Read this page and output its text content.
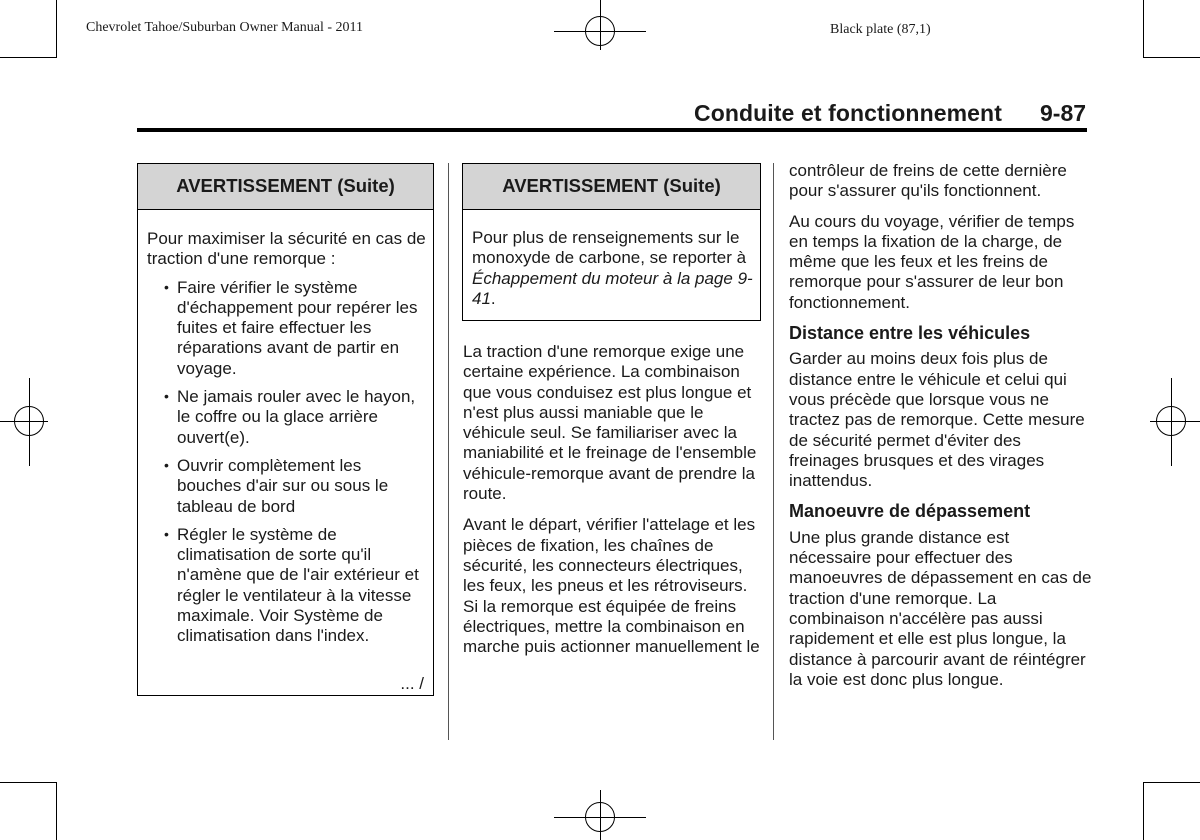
Chevrolet Tahoe/Suburban Owner Manual - 2011	Black plate (87,1)
Conduite et fonctionnement 9-87
AVERTISSEMENT (Suite)

Pour maximiser la sécurité en cas de traction d'une remorque :

• Faire vérifier le système d'échappement pour repérer les fuites et faire effectuer les réparations avant de partir en voyage.
• Ne jamais rouler avec le hayon, le coffre ou la glace arrière ouvert(e).
• Ouvrir complètement les bouches d'air sur ou sous le tableau de bord
• Régler le système de climatisation de sorte qu'il n'amène que de l'air extérieur et régler le ventilateur à la vitesse maximale. Voir Système de climatisation dans l'index.
... /
AVERTISSEMENT (Suite)

Pour plus de renseignements sur le monoxyde de carbone, se reporter à Échappement du moteur à la page 9-41.

La traction d'une remorque exige une certaine expérience. La combinaison que vous conduisez est plus longue et n'est plus aussi maniable que le véhicule seul. Se familiariser avec la maniabilité et le freinage de l'ensemble véhicule-remorque avant de prendre la route.

Avant le départ, vérifier l'attelage et les pièces de fixation, les chaînes de sécurité, les connecteurs électriques, les feux, les pneus et les rétroviseurs. Si la remorque est équipée de freins électriques, mettre la combinaison en marche puis actionner manuellement le

contrôleur de freins de cette dernière pour s'assurer qu'ils fonctionnent.

Au cours du voyage, vérifier de temps en temps la fixation de la charge, de même que les feux et les freins de remorque pour s'assurer de leur bon fonctionnement.

Distance entre les véhicules

Garder au moins deux fois plus de distance entre le véhicule et celui qui vous précède que lorsque vous ne tractez pas de remorque. Cette mesure de sécurité permet d'éviter des freinages brusques et des virages inattendus.

Manoeuvre de dépassement

Une plus grande distance est nécessaire pour effectuer des manoeuvres de dépassement en cas de traction d'une remorque. La combinaison n'accélère pas aussi rapidement et elle est plus longue, la distance à parcourir avant de réintégrer la voie est donc plus longue.
